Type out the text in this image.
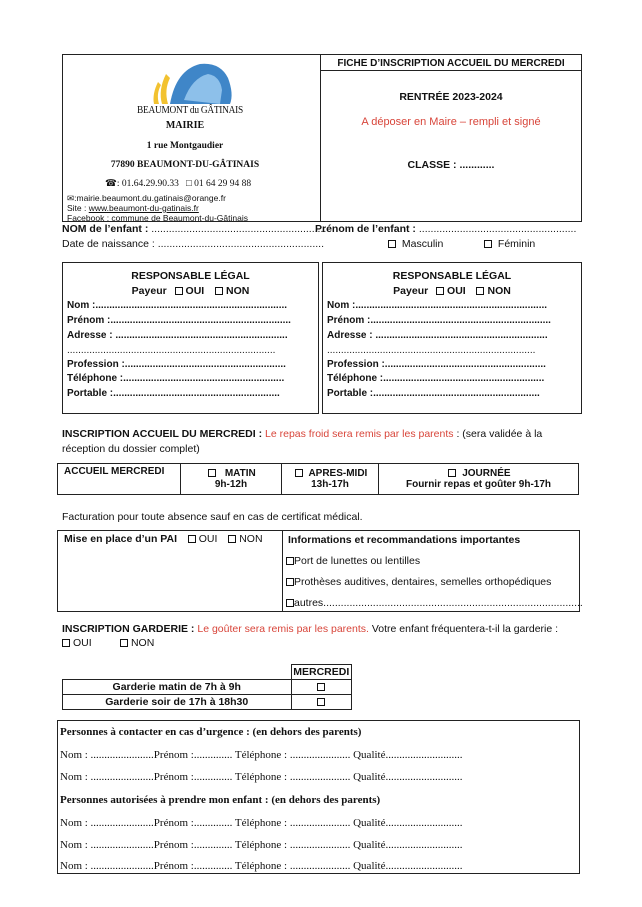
BEAUMONT du GÂTINAIS
MAIRIE
1 rue Montgaudier
77890 BEAUMONT-DU-GÂTINAIS
☎: 01.64.29.90.33 □ 01 64 29 94 88
✉:mairie.beaumont.du.gatinais@orange.fr
Site : www.beaumont-du-gatinais.fr
Facebook : commune de Beaumont-du-Gâtinais
FICHE D’INSCRIPTION ACCUEIL DU MERCREDI
RENTRÉE 2023-2024
A déposer en Maire – rempli et signé
CLASSE : ............
NOM de l’enfant : ............................................................
Prénom de l’enfant : ......................................................
Date de naissance : .........................................................	Masculin	Féminin
RESPONSABLE LÉGAL
Payeur OUI NON
Nom :.....................................................................
Prénom :.................................................................
Adresse : ..............................................................
...........................................................................
Profession :..........................................................
Téléphone :..........................................................
Portable :............................................................
RESPONSABLE LÉGAL
Payeur OUI NON
Nom :.....................................................................
Prénom :.................................................................
Adresse : ..............................................................
...........................................................................
Profession :..........................................................
Téléphone :..........................................................
Portable :............................................................
INSCRIPTION ACCUEIL DU MERCREDI : Le repas froid sera remis par les parents : (sera validée à la
réception du dossier complet)
ACCUEIL MERCREDI	MATIN
9h-12h

APRES-MIDI
13h-17h

JOURNÉE
Fournir repas et goûter 9h-17h
Facturation pour toute absence sauf en cas de certificat médical.
Mise en place d’un PAI OUI NON Informations et recommandations importantes
Port de lunettes ou lentilles
Prothèses auditives, dentaires, semelles orthopédiques
autres.........................................................................................
INSCRIPTION GARDERIE : Le goûter sera remis par les parents. Votre enfant fréquentera-t-il la garderie :
OUI	NON
	MERCREDI
Garderie matin de 7h à 9h	
Garderie soir de 17h à 18h30	
Personnes à contacter en cas d’urgence : (en dehors des parents)
Nom : .......................Prénom :.............. Téléphone : ...................... Qualité............................
Nom : .......................Prénom :.............. Téléphone : ...................... Qualité............................
Personnes autorisées à prendre mon enfant : (en dehors des parents)
Nom : .......................Prénom :.............. Téléphone : ...................... Qualité............................
Nom : .......................Prénom :.............. Téléphone : ...................... Qualité............................
Nom : .......................Prénom :.............. Téléphone : ...................... Qualité............................
